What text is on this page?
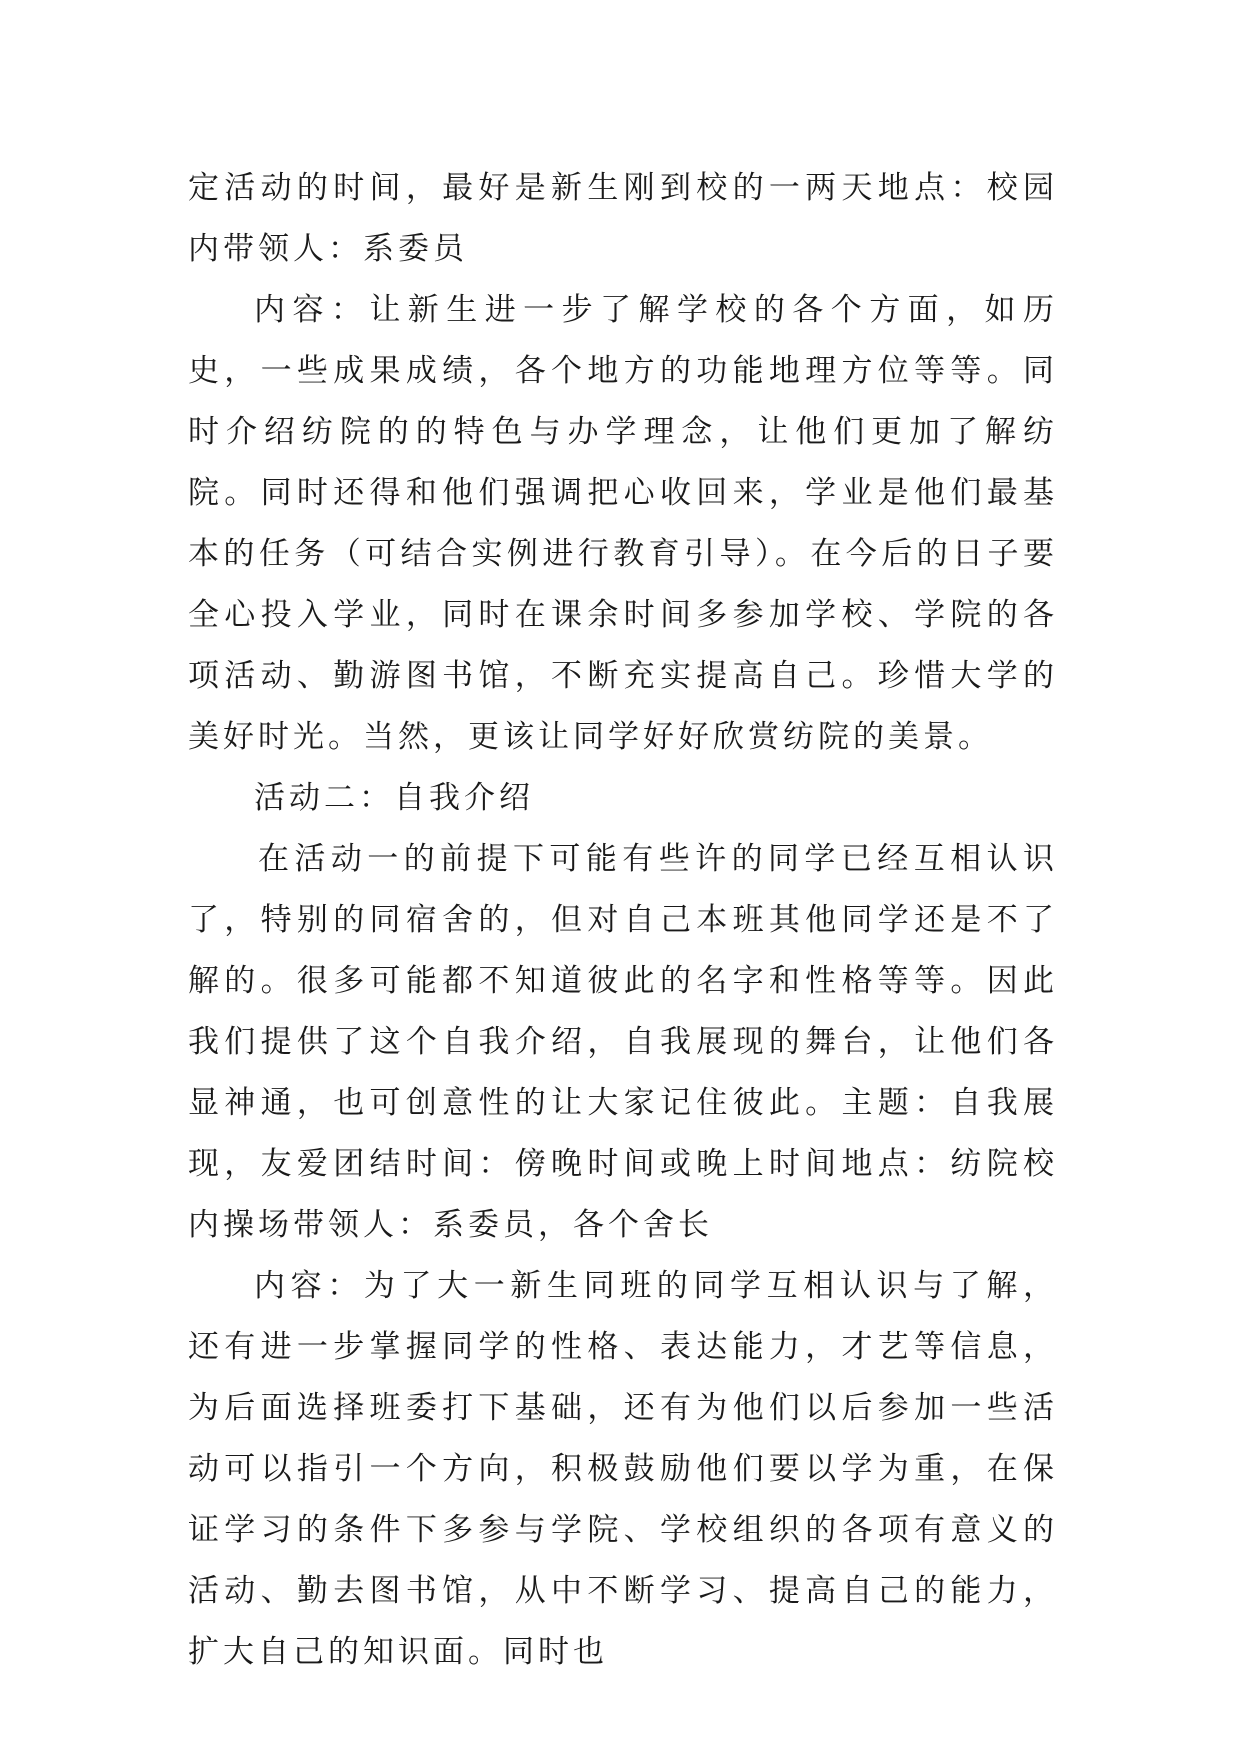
定活动的时间，最好是新生刚到校的一两天地点：校园内带领人：系委员

内容：让新生进一步了解学校的各个方面，如历史，一些成果成绩，各个地方的功能地理方位等等。同时介绍纺院的的特色与办学理念，让他们更加了解纺院。同时还得和他们强调把心收回来，学业是他们最基本的任务（可结合实例进行教育引导）。在今后的日子要全心投入学业，同时在课余时间多参加学校、学院的各项活动、勤游图书馆，不断充实提高自己。珍惜大学的美好时光。当然，更该让同学好好欣赏纺院的美景。

活动二：自我介绍

在活动一的前提下可能有些许的同学已经互相认识了，特别的同宿舍的，但对自己本班其他同学还是不了解的。很多可能都不知道彼此的名字和性格等等。因此我们提供了这个自我介绍，自我展现的舞台，让他们各显神通，也可创意性的让大家记住彼此。主题：自我展现，友爱团结时间：傍晚时间或晚上时间地点：纺院校内操场带领人：系委员，各个舍长

内容：为了大一新生同班的同学互相认识与了解，还有进一步掌握同学的性格、表达能力，才艺等信息，为后面选择班委打下基础，还有为他们以后参加一些活动可以指引一个方向，积极鼓励他们要以学为重，在保证学习的条件下多参与学院、学校组织的各项有意义的活动、勤去图书馆，从中不断学习、提高自己的能力，扩大自己的知识面。同时也
